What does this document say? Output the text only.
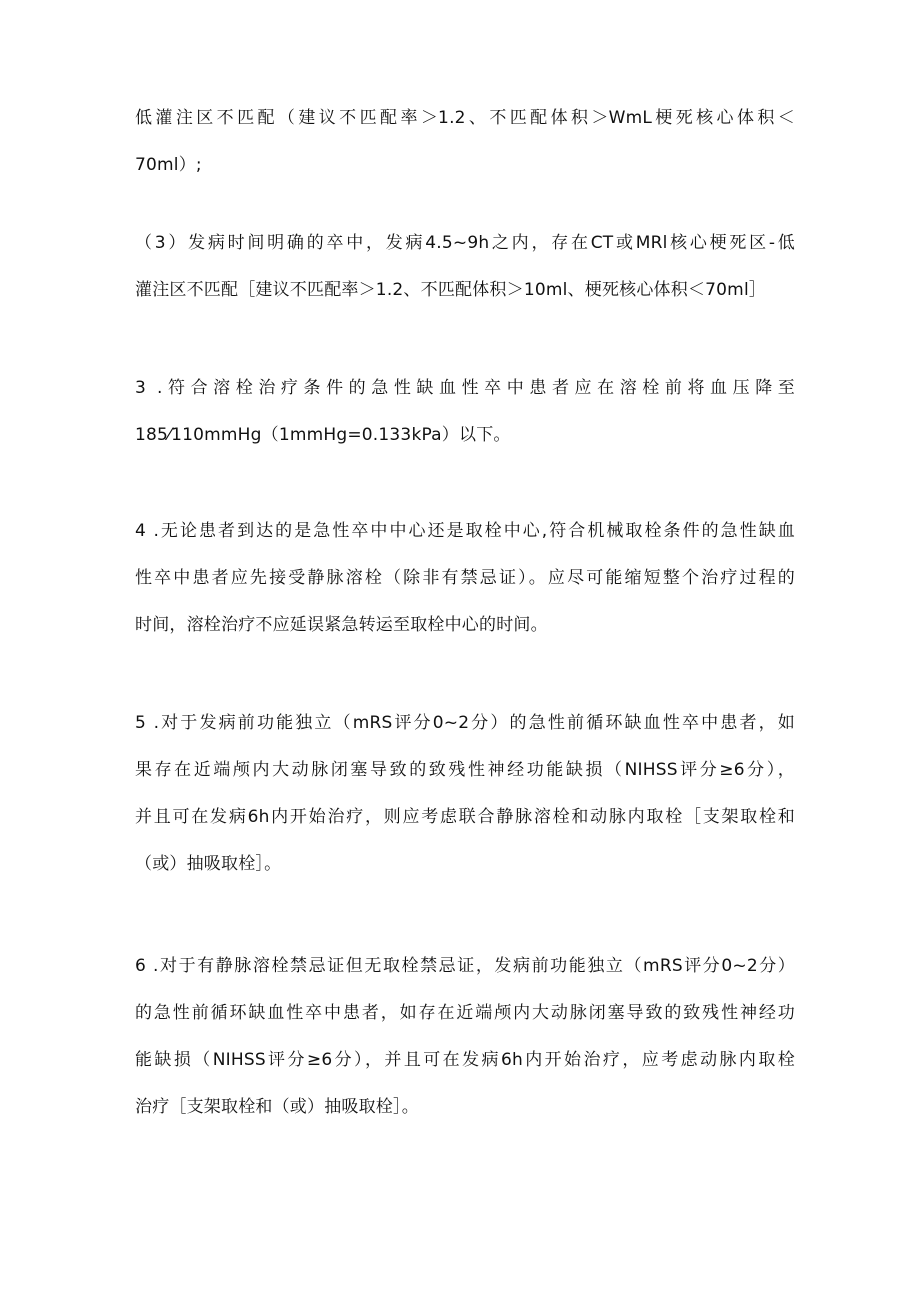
低灌注区不匹配（建议不匹配率＞1.2、不匹配体积＞WmL梗死核心体积＜
70ml）;
（3）发病时间明确的卒中，发病4.5~9h之内，存在CT或MRl核心梗死区-低
灌注区不匹配［建议不匹配率＞1.2、不匹配体积＞10ml、梗死核心体积＜70ml］
3 .符合溶栓治疗条件的急性缺血性卒中患者应在溶栓前将血压降至
185⁄110mmHg（1mmHg=0.133kPa）以下。
4 .无论患者到达的是急性卒中中心还是取栓中心,符合机械取栓条件的急性缺血
性卒中患者应先接受静脉溶栓（除非有禁忌证）。应尽可能缩短整个治疗过程的
时间，溶栓治疗不应延误紧急转运至取栓中心的时间。
5 .对于发病前功能独立（mRS评分0~2分）的急性前循环缺血性卒中患者，如
果存在近端颅内大动脉闭塞导致的致残性神经功能缺损（NIHSS评分≥6分），
并且可在发病6h内开始治疗，则应考虑联合静脉溶栓和动脉内取栓［支架取栓和
（或）抽吸取栓］。
6 .对于有静脉溶栓禁忌证但无取栓禁忌证，发病前功能独立（mRS评分0~2分）
的急性前循环缺血性卒中患者，如存在近端颅内大动脉闭塞导致的致残性神经功
能缺损（NIHSS评分≥6分），并且可在发病6h内开始治疗，应考虑动脉内取栓
治疗［支架取栓和（或）抽吸取栓］。
